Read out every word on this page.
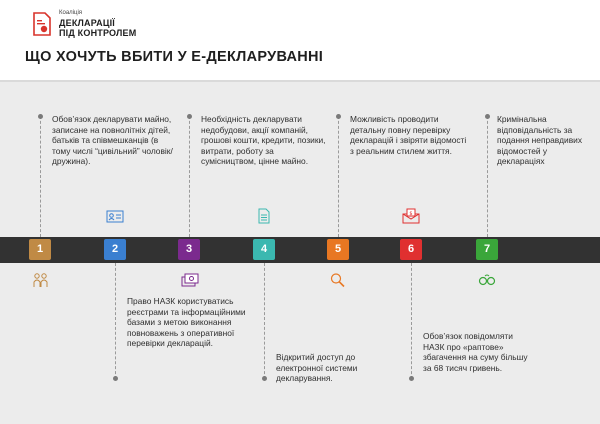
Коаліція
ДЕКЛАРАЦІЇ
ПІД КОНТРОЛЕМ
ЩО ХОЧУТЬ ВБИТИ У Е-ДЕКЛАРУВАННІ
Обов’язок декларувати майно, записане на повнолітніх дітей, батьків та співмешканців (в тому числі “цивільний” чоловік/дружина).
Необхідність декларувати недобудови, акції компаній, грошові кошти, кредити, позики, витрати, роботу за сумісництвом, цінне майно.
Можливість проводити детальну повну перевірку декларацій і звіряти відомості з реальним стилем життя.
Кримінальна відповідальність за подання неправдивих відомостей у деклараціях
Право НАЗК користуватись реєстрами та інформаційними базами з метою виконання повноважень з оперативної перевірки декларацій.
Відкритий доступ до електронної системи декларування.
Обов’язок повідомляти НАЗК про «раптове» збагачення на суму більшу за 68 тисяч гривень.
1	2	3	4	5	6	7
$
